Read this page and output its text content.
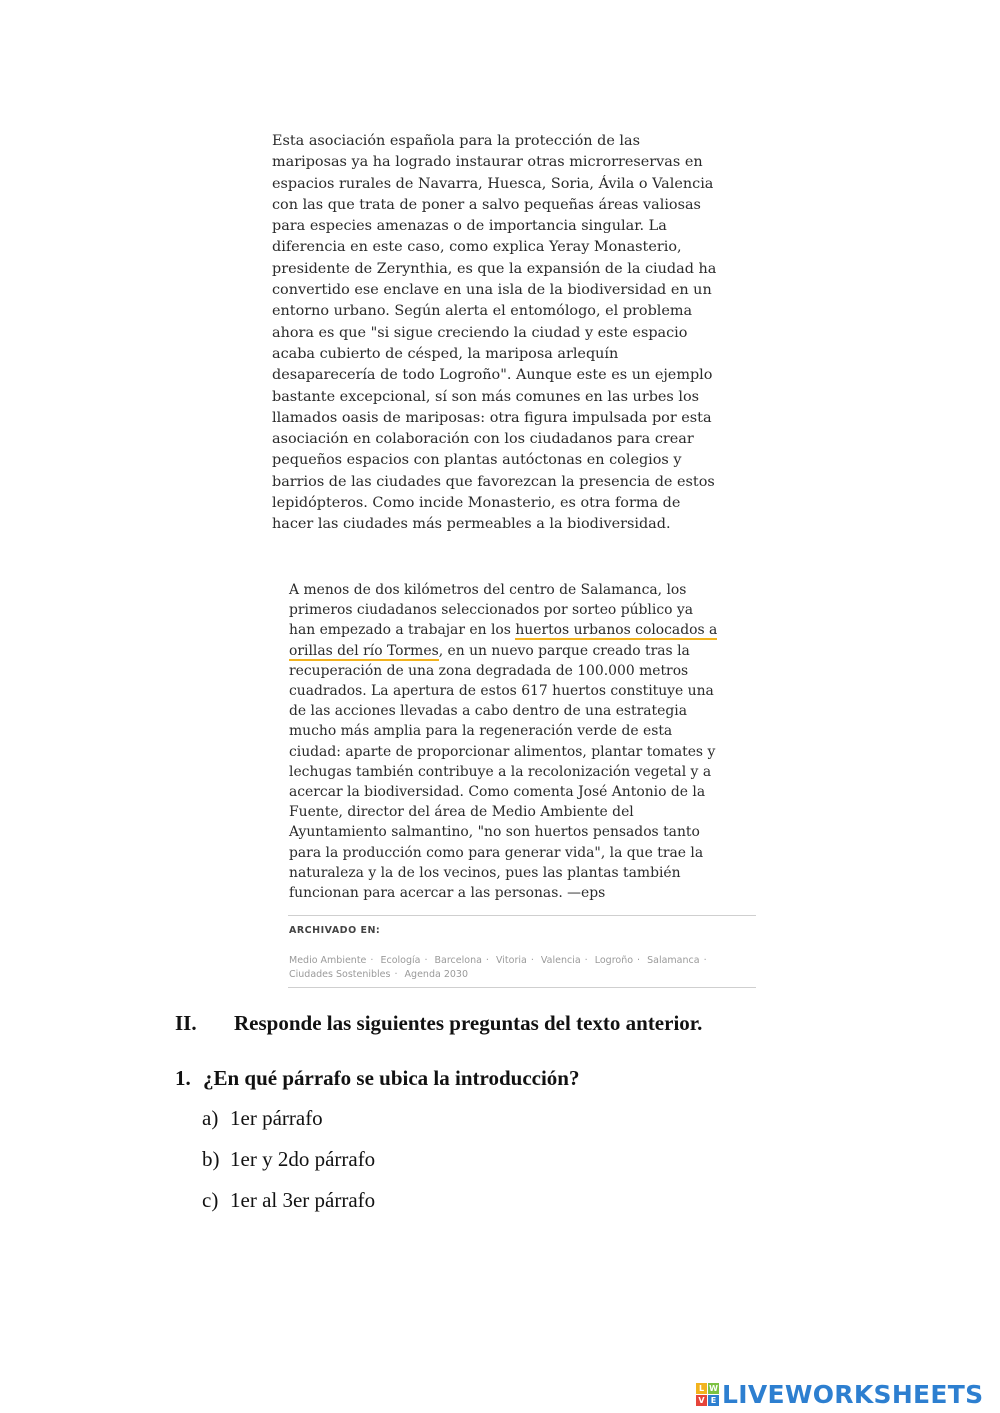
Esta asociación española para la protección de las
mariposas ya ha logrado instaurar otras microrreservas en
espacios rurales de Navarra, Huesca, Soria, Ávila o Valencia
con las que trata de poner a salvo pequeñas áreas valiosas
para especies amenazas o de importancia singular. La
diferencia en este caso, como explica Yeray Monasterio,
presidente de Zerynthia, es que la expansión de la ciudad ha
convertido ese enclave en una isla de la biodiversidad en un
entorno urbano. Según alerta el entomólogo, el problema
ahora es que "si sigue creciendo la ciudad y este espacio
acaba cubierto de césped, la mariposa arlequín
desaparecería de todo Logroño". Aunque este es un ejemplo
bastante excepcional, sí son más comunes en las urbes los
llamados oasis de mariposas: otra figura impulsada por esta
asociación en colaboración con los ciudadanos para crear
pequeños espacios con plantas autóctonas en colegios y
barrios de las ciudades que favorezcan la presencia de estos
lepidópteros. Como incide Monasterio, es otra forma de
hacer las ciudades más permeables a la biodiversidad.
A menos de dos kilómetros del centro de Salamanca, los
primeros ciudadanos seleccionados por sorteo público ya
han empezado a trabajar en los huertos urbanos colocados a
orillas del río Tormes, en un nuevo parque creado tras la
recuperación de una zona degradada de 100.000 metros
cuadrados. La apertura de estos 617 huertos constituye una
de las acciones llevadas a cabo dentro de una estrategia
mucho más amplia para la regeneración verde de esta
ciudad: aparte de proporcionar alimentos, plantar tomates y
lechugas también contribuye a la recolonización vegetal y a
acercar la biodiversidad. Como comenta José Antonio de la
Fuente, director del área de Medio Ambiente del
Ayuntamiento salmantino, "no son huertos pensados tanto
para la producción como para generar vida", la que trae la
naturaleza y la de los vecinos, pues las plantas también
funcionan para acercar a las personas. —eps
ARCHIVADO EN:
Medio Ambiente · Ecología · Barcelona · Vitoria · Valencia · Logroño · Salamanca · Ciudades Sostenibles · Agenda 2030
II. Responde las siguientes preguntas del texto anterior.
1. ¿En qué párrafo se ubica la introducción?
a) 1er párrafo
b) 1er y 2do párrafo
c) 1er al 3er párrafo
L W
V E LIVEWORKSHEETS
